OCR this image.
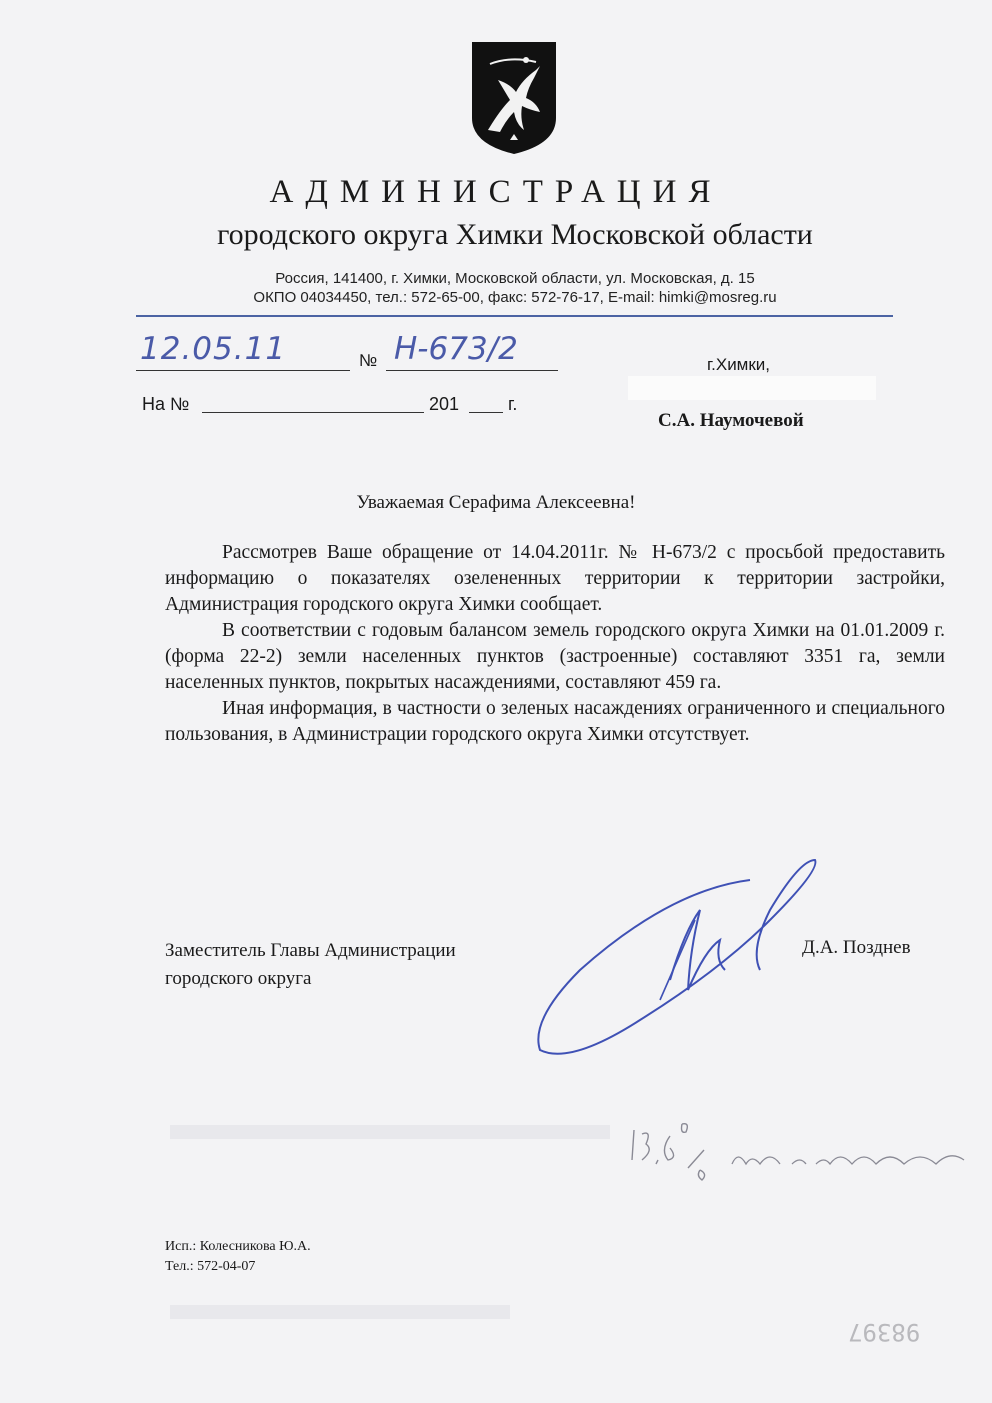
АДМИНИСТРАЦИЯ
городского округа Химки Московской области
Россия, 141400, г. Химки, Московской области, ул. Московская, д. 15
ОКПО 04034450, тел.: 572-65-00, факс: 572-76-17, E-mail: himki@mosreg.ru
12.05.11	№ Н-673/2	г.Химки,
На №	201	г.
С.А. Наумочевой
Уважаемая Серафима Алексеевна!

Рассмотрев Ваше обращение от 14.04.2011г. № Н-673/2 с просьбой предоставить информацию о показателях озелененных территории к территории застройки, Администрация городского округа Химки сообщает.

В соответствии с годовым балансом земель городского округа Химки на 01.01.2009 г. (форма 22-2) земли населенных пунктов (застроенные) составляют 3351 га, земли населенных пунктов, покрытых насаждениями, составляют 459 га.

Иная информация, в частности о зеленых насаждениях ограниченного и специального пользования, в Администрации городского округа Химки отсутствует.

Заместитель Главы Администрации
городского округа
Д.А. Позднев
Исп.: Колесникова Ю.А.
Тел.: 572-04-07
98397
